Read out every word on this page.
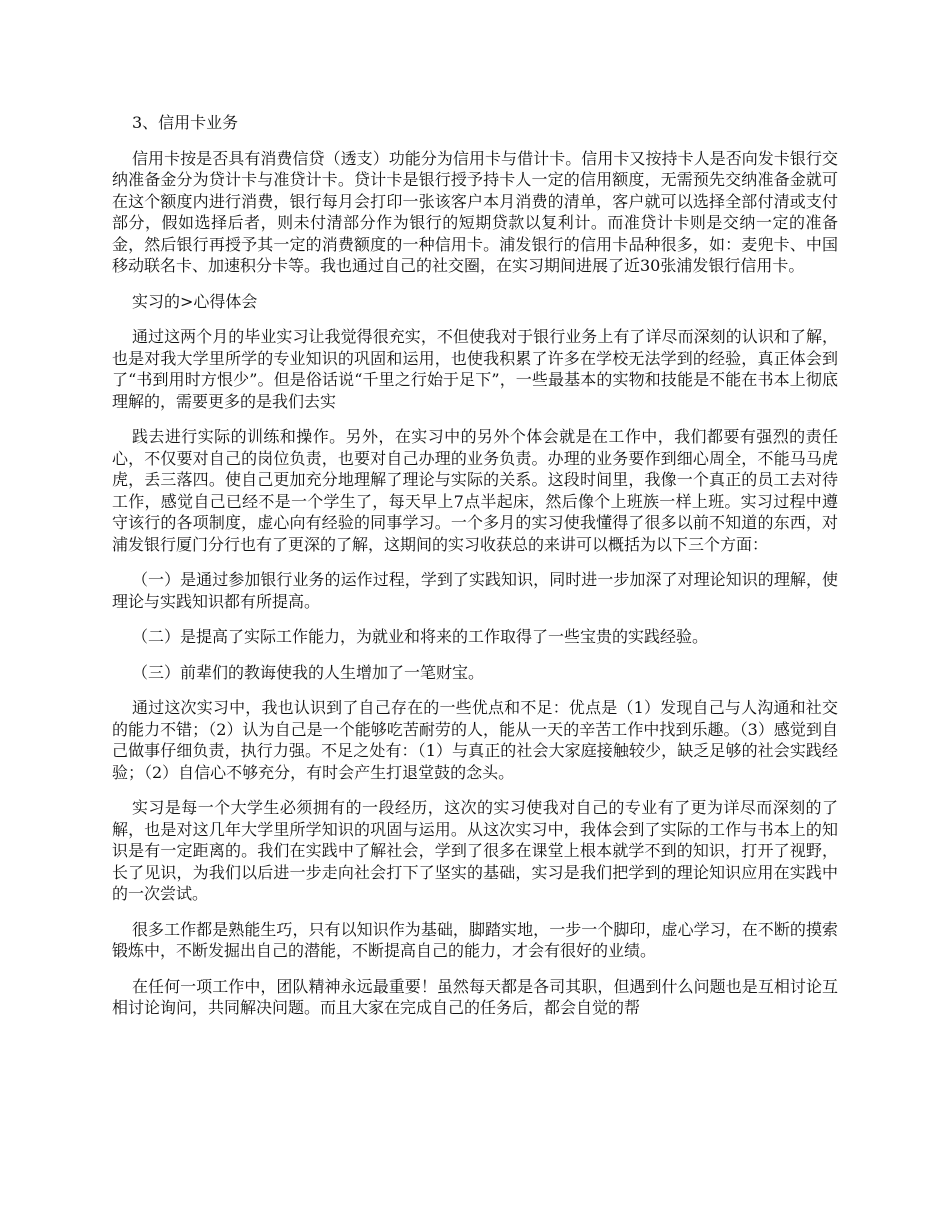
3、信用卡业务

信用卡按是否具有消费信贷（透支）功能分为信用卡与借计卡。信用卡又按持卡人是否向发卡银行交纳准备金分为贷计卡与准贷计卡。贷计卡是银行授予持卡人一定的信用额度，无需预先交纳准备金就可在这个额度内进行消费，银行每月会打印一张该客户本月消费的清单，客户就可以选择全部付清或支付部分，假如选择后者，则未付清部分作为银行的短期贷款以复利计。而准贷计卡则是交纳一定的准备金，然后银行再授予其一定的消费额度的一种信用卡。浦发银行的信用卡品种很多，如：麦兜卡、中国移动联名卡、加速积分卡等。我也通过自己的社交圈，在实习期间进展了近30张浦发银行信用卡。

实习的>心得体会

通过这两个月的毕业实习让我觉得很充实，不但使我对于银行业务上有了详尽而深刻的认识和了解，也是对我大学里所学的专业知识的巩固和运用，也使我积累了许多在学校无法学到的经验，真正体会到了“书到用时方恨少”。但是俗话说“千里之行始于足下”，一些最基本的实物和技能是不能在书本上彻底理解的，需要更多的是我们去实

践去进行实际的训练和操作。另外，在实习中的另外个体会就是在工作中，我们都要有强烈的责任心，不仅要对自己的岗位负责，也要对自己办理的业务负责。办理的业务要作到细心周全，不能马马虎虎，丢三落四。使自己更加充分地理解了理论与实际的关系。这段时间里，我像一个真正的员工去对待工作，感觉自己已经不是一个学生了，每天早上7点半起床，然后像个上班族一样上班。实习过程中遵守该行的各项制度，虚心向有经验的同事学习。一个多月的实习使我懂得了很多以前不知道的东西，对浦发银行厦门分行也有了更深的了解，这期间的实习收获总的来讲可以概括为以下三个方面：

（一）是通过参加银行业务的运作过程，学到了实践知识，同时进一步加深了对理论知识的理解，使理论与实践知识都有所提高。

（二）是提高了实际工作能力，为就业和将来的工作取得了一些宝贵的实践经验。

（三）前辈们的教诲使我的人生增加了一笔财宝。

通过这次实习中，我也认识到了自己存在的一些优点和不足：优点是（1）发现自己与人沟通和社交的能力不错；（2）认为自己是一个能够吃苦耐劳的人，能从一天的辛苦工作中找到乐趣。（3）感觉到自己做事仔细负责，执行力强。不足之处有：（1）与真正的社会大家庭接触较少，缺乏足够的社会实践经验；（2）自信心不够充分，有时会产生打退堂鼓的念头。

实习是每一个大学生必须拥有的一段经历，这次的实习使我对自己的专业有了更为详尽而深刻的了解，也是对这几年大学里所学知识的巩固与运用。从这次实习中，我体会到了实际的工作与书本上的知识是有一定距离的。我们在实践中了解社会，学到了很多在课堂上根本就学不到的知识，打开了视野，长了见识，为我们以后进一步走向社会打下了坚实的基础，实习是我们把学到的理论知识应用在实践中的一次尝试。

很多工作都是熟能生巧，只有以知识作为基础，脚踏实地，一步一个脚印，虚心学习，在不断的摸索锻炼中，不断发掘出自己的潜能，不断提高自己的能力，才会有很好的业绩。

在任何一项工作中，团队精神永远最重要！虽然每天都是各司其职，但遇到什么问题也是互相讨论互相讨论询问，共同解决问题。而且大家在完成自己的任务后，都会自觉的帮
